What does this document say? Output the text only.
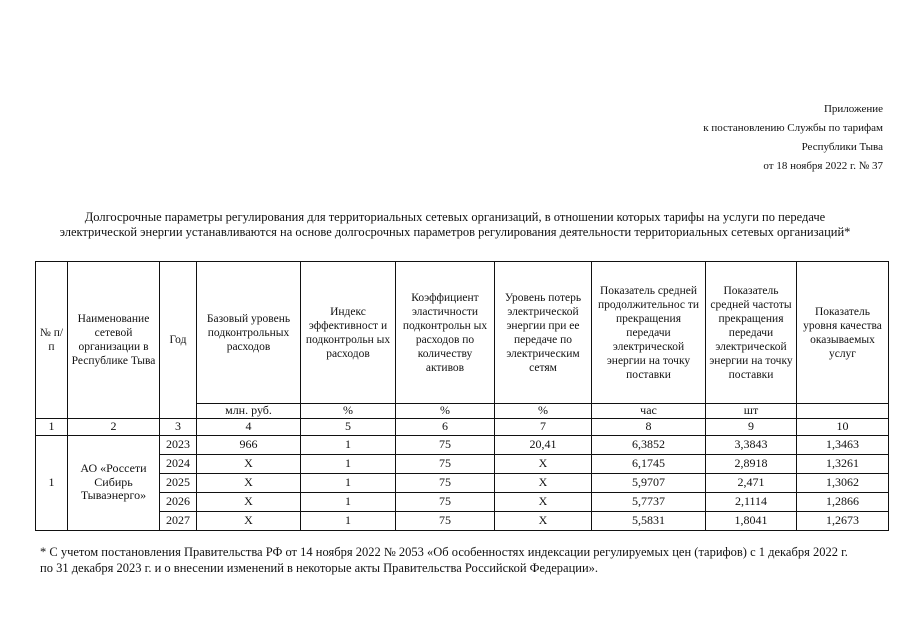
Приложение
к постановлению Службы по тарифам
Республики Тыва
от 18 ноября 2022 г. № 37
Долгосрочные параметры регулирования для территориальных сетевых организаций, в отношении которых тарифы на услуги по передаче
электрической энергии устанавливаются на основе долгосрочных параметров регулирования деятельности территориальных сетевых организаций*
№ п/п	Наименование сетевой организации в Республике Тыва	Год	Базовый уровень подконтрольных расходов	Индекс эффективност и подконтрольн ых расходов	Коэффициент эластичности подконтрольн ых расходов по количеству активов	Уровень потерь электрической энергии при ее передаче по электрическим сетям	Показатель средней продолжительнос ти прекращения передачи электрической энергии на точку поставки	Показатель средней частоты прекращения передачи электрической энергии на точку поставки	Показатель уровня качества оказываемых услуг
			млн. руб.	%	%	%	час	шт	
1	2	3	4	5	6	7	8	9	10
1	АО «Россети Сибирь Тываэнерго»	2023	966	1	75	20,41	6,3852	3,3843	1,3463
		2024	Х	1	75	Х	6,1745	2,8918	1,3261
		2025	Х	1	75	Х	5,9707	2,471	1,3062
		2026	Х	1	75	Х	5,7737	2,1114	1,2866
		2027	Х	1	75	Х	5,5831	1,8041	1,2673
* С учетом постановления Правительства РФ от 14 ноября 2022 № 2053 «Об особенностях индексации регулируемых цен (тарифов) с 1 декабря 2022 г.
по 31 декабря 2023 г. и о внесении изменений в некоторые акты Правительства Российской Федерации».
